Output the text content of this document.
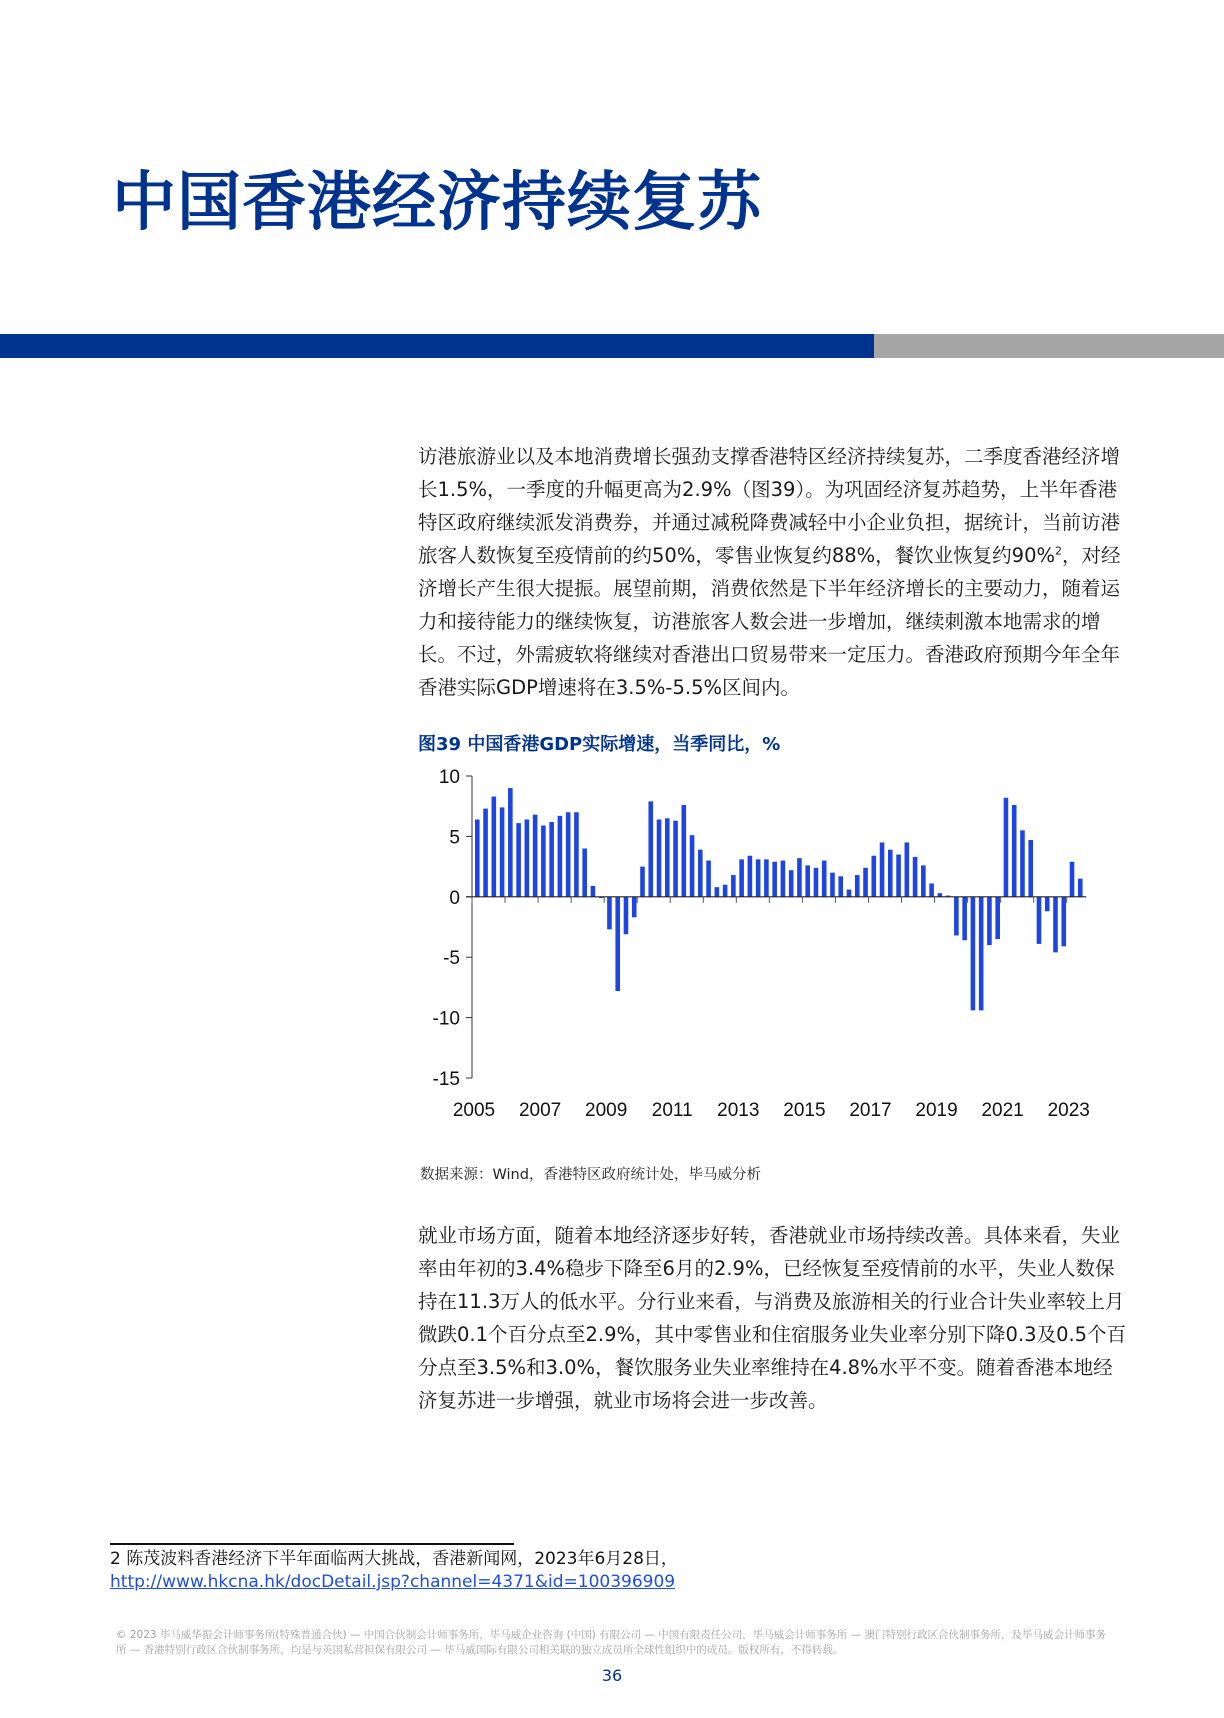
中国香港经济持续复苏

访港旅游业以及本地消费增长强劲支撑香港特区经济持续复苏，二季度香港经济增长1.5%，一季度的升幅更高为2.9%（图39）。为巩固经济复苏趋势，上半年香港特区政府继续派发消费券，并通过减税降费减轻中小企业负担，据统计，当前访港旅客人数恢复至疫情前的约50%，零售业恢复约88%，餐饮业恢复约90%$^2$，对经济增长产生很大提振。展望前期，消费依然是下半年经济增长的主要动力，随着运力和接待能力的继续恢复，访港旅客人数会进一步增加，继续刺激本地需求的增长。不过，外需疲软将继续对香港出口贸易带来一定压力。香港政府预期今年全年香港实际GDP增速将在3.5%-5.5%区间内。

图39 中国香港GDP实际增速，当季同比，%
10
5
0
-5
-10
-15
2005 2007 2009 2011 2013 2015 2017 2019 2021 2023
数据来源：Wind，香港特区政府统计处，毕马威分析

就业市场方面，随着本地经济逐步好转，香港就业市场持续改善。具体来看，失业率由年初的3.4%稳步下降至6月的2.9%，已经恢复至疫情前的水平，失业人数保持在11.3万人的低水平。分行业来看，与消费及旅游相关的行业合计失业率较上月微跌0.1个百分点至2.9%，其中零售业和住宿服务业失业率分别下降0.3及0.5个百分点至3.5%和3.0%，餐饮服务业失业率维持在4.8%水平不变。随着香港本地经济复苏进一步增强，就业市场将会进一步改善。

2 陈茂波料香港经济下半年面临两大挑战，香港新闻网，2023年6月28日，
http://www.hkcna.hk/docDetail.jsp?channel=4371&id=100396909
© 2023 毕马威华振会计师事务所(特殊普通合伙) — 中国合伙制会计师事务所，毕马威企业咨询 (中国) 有限公司 — 中国有限责任公司，毕马威会计师事务所 — 澳门特别行政区合伙制事务所，及毕马威会计师事务所 — 香港特别行政区合伙制事务所，均是与英国私营担保有限公司 — 毕马威国际有限公司相关联的独立成员所全球性组织中的成员。版权所有，不得转载。
36
